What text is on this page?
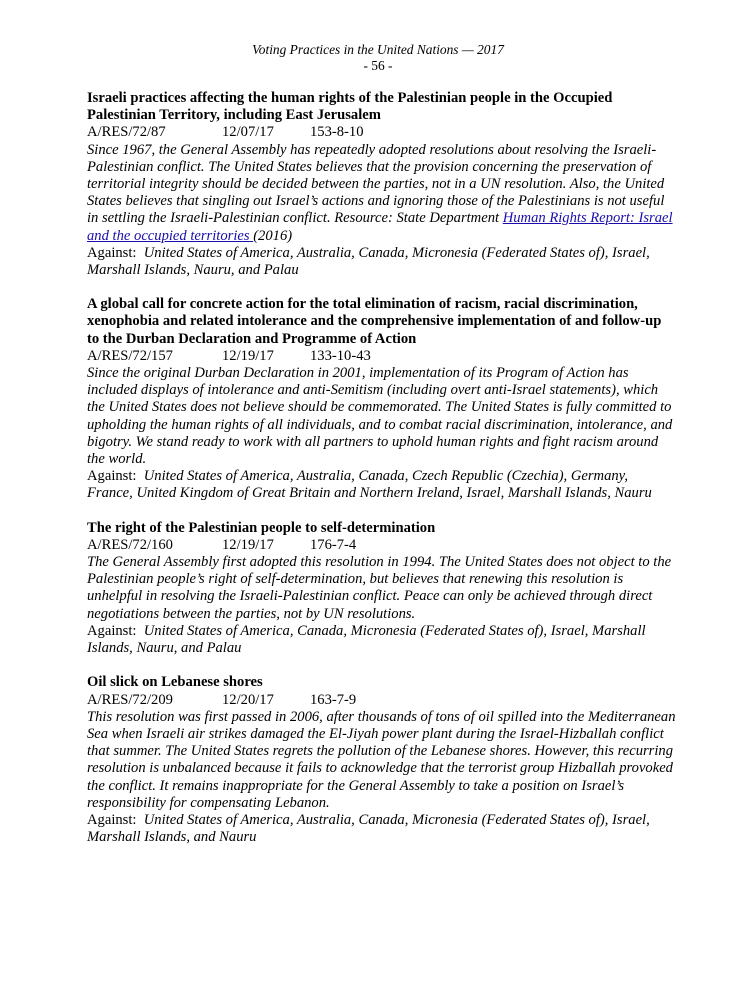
Voting Practices in the United Nations — 2017
- 56 -
Israeli practices affecting the human rights of the Palestinian people in the Occupied Palestinian Territory, including East Jerusalem
A/RES/72/87	12/07/17 153-8-10
Since 1967, the General Assembly has repeatedly adopted resolutions about resolving the Israeli-Palestinian conflict. The United States believes that the provision concerning the preservation of territorial integrity should be decided between the parties, not in a UN resolution. Also, the United States believes that singling out Israel’s actions and ignoring those of the Palestinians is not useful in settling the Israeli-Palestinian conflict. Resource: State Department Human Rights Report: Israel and the occupied territories (2016)
Against: United States of America, Australia, Canada, Micronesia (Federated States of), Israel, Marshall Islands, Nauru, and Palau
A global call for concrete action for the total elimination of racism, racial discrimination, xenophobia and related intolerance and the comprehensive implementation of and follow-up to the Durban Declaration and Programme of Action
A/RES/72/157	12/19/17 133-10-43
Since the original Durban Declaration in 2001, implementation of its Program of Action has included displays of intolerance and anti-Semitism (including overt anti-Israel statements), which the United States does not believe should be commemorated. The United States is fully committed to upholding the human rights of all individuals, and to combat racial discrimination, intolerance, and bigotry. We stand ready to work with all partners to uphold human rights and fight racism around the world.
Against: United States of America, Australia, Canada, Czech Republic (Czechia), Germany, France, United Kingdom of Great Britain and Northern Ireland, Israel, Marshall Islands, Nauru
The right of the Palestinian people to self-determination
A/RES/72/160	12/19/17 176-7-4
The General Assembly first adopted this resolution in 1994. The United States does not object to the Palestinian people’s right of self-determination, but believes that renewing this resolution is unhelpful in resolving the Israeli-Palestinian conflict. Peace can only be achieved through direct negotiations between the parties, not by UN resolutions.
Against: United States of America, Canada, Micronesia (Federated States of), Israel, Marshall Islands, Nauru, and Palau
Oil slick on Lebanese shores
A/RES/72/209	12/20/17 163-7-9
This resolution was first passed in 2006, after thousands of tons of oil spilled into the Mediterranean Sea when Israeli air strikes damaged the El-Jiyah power plant during the Israel-Hizballah conflict that summer. The United States regrets the pollution of the Lebanese shores. However, this recurring resolution is unbalanced because it fails to acknowledge that the terrorist group Hizballah provoked the conflict. It remains inappropriate for the General Assembly to take a position on Israel’s responsibility for compensating Lebanon.
Against: United States of America, Australia, Canada, Micronesia (Federated States of), Israel, Marshall Islands, and Nauru
